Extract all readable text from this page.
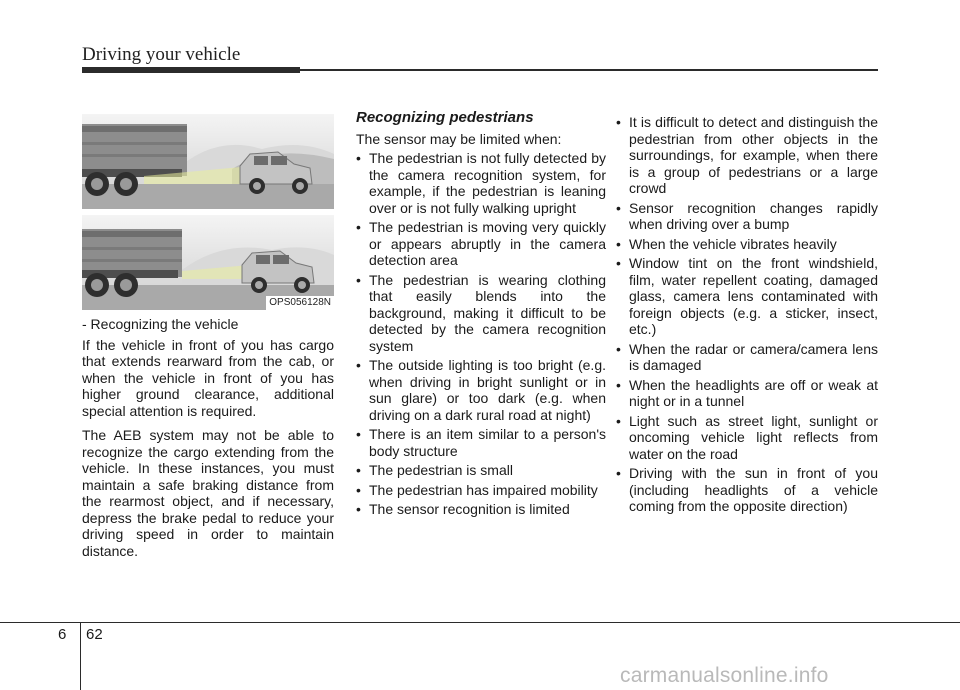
Driving your vehicle
OPS056128N

- Recognizing the vehicle

If the vehicle in front of you has cargo that extends rearward from the cab, or when the vehicle in front of you has higher ground clearance, additional special attention is required.

The AEB system may not be able to recognize the cargo extending from the vehicle. In these instances, you must maintain a safe braking distance from the rearmost object, and if necessary, depress the brake pedal to reduce your driving speed in order to maintain distance.

Recognizing pedestrians
The sensor may be limited when:
• The pedestrian is not fully detected by the camera recognition system, for example, if the pedestrian is leaning over or is not fully walking upright
• The pedestrian is moving very quickly or appears abruptly in the camera detection area
• The pedestrian is wearing clothing that easily blends into the background, making it difficult to be detected by the camera recognition system
• The outside lighting is too bright (e.g. when driving in bright sunlight or in sun glare) or too dark (e.g. when driving on a dark rural road at night)
• There is an item similar to a person's body structure
• The pedestrian is small
• The pedestrian has impaired mobility
• The sensor recognition is limited
• It is difficult to detect and distinguish the pedestrian from other objects in the surroundings, for example, when there is a group of pedestrians or a large crowd
• Sensor recognition changes rapidly when driving over a bump
• When the vehicle vibrates heavily
• Window tint on the front windshield, film, water repellent coating, damaged glass, camera lens contaminated with foreign objects (e.g. a sticker, insect, etc.)
• When the radar or camera/camera lens is damaged
• When the headlights are off or weak at night or in a tunnel
• Light such as street light, sunlight or oncoming vehicle light reflects from water on the road
• Driving with the sun in front of you (including headlights of a vehicle coming from the opposite direction)
6 62
carmanualsonline.info
